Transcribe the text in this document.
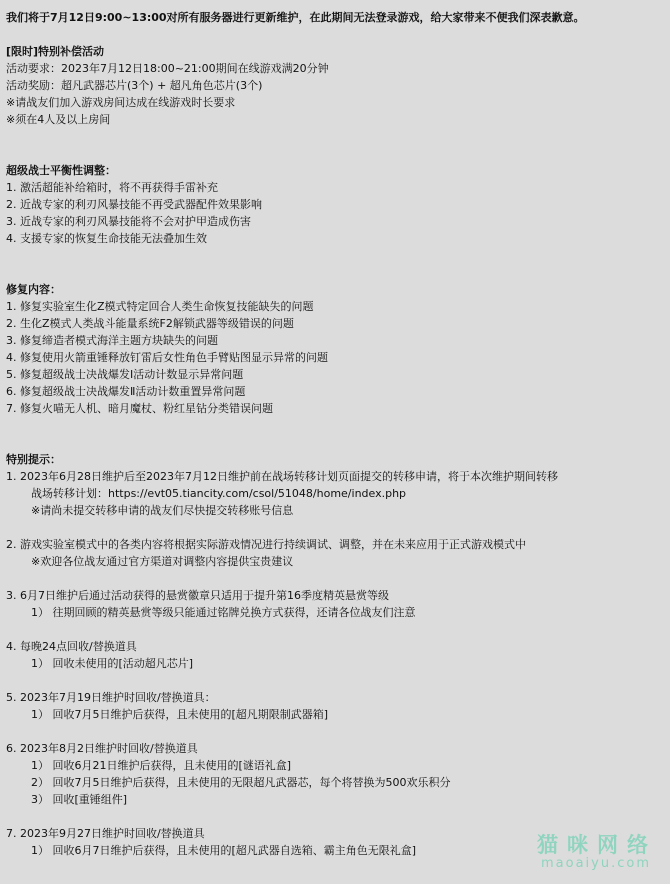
我们将于7月12日9:00~13:00对所有服务器进行更新维护，在此期间无法登录游戏，给大家带来不便我们深表歉意。
[限时]特别补偿活动
活动要求：2023年7月12日18:00~21:00期间在线游戏满20分钟
活动奖励：超凡武器芯片(3个) + 超凡角色芯片(3个)
※请战友们加入游戏房间达成在线游戏时长要求
※须在4人及以上房间
超级战士平衡性调整：
1. 激活超能补给箱时，将不再获得手雷补充
2. 近战专家的利刃风暴技能不再受武器配件效果影响
3. 近战专家的利刃风暴技能将不会对护甲造成伤害
4. 支援专家的恢复生命技能无法叠加生效
修复内容：
1. 修复实验室生化Z模式特定回合人类生命恢复技能缺失的问题
2. 生化Z模式人类战斗能量系统F2解锁武器等级错误的问题
3. 修复缔造者模式海洋主题方块缺失的问题
4. 修复使用火箭重锤释放钉雷后女性角色手臂贴图显示异常的问题
5. 修复超级战士决战爆发Ⅰ活动计数显示异常问题
6. 修复超级战士决战爆发Ⅱ活动计数重置异常问题
7. 修复火喵无人机、暗月魔杖、粉红星钻分类错误问题
特别提示：
1. 2023年6月28日维护后至2023年7月12日维护前在战场转移计划页面提交的转移申请，将于本次维护期间转移
战场转移计划：https://evt05.tiancity.com/csol/51048/home/index.php
※请尚未提交转移申请的战友们尽快提交转移账号信息
2. 游戏实验室模式中的各类内容将根据实际游戏情况进行持续调试、调整，并在未来应用于正式游戏模式中
※欢迎各位战友通过官方渠道对调整内容提供宝贵建议
3. 6月7日维护后通过活动获得的悬赏徽章只适用于提升第16季度精英悬赏等级
1） 往期回顾的精英悬赏等级只能通过铭牌兑换方式获得，还请各位战友们注意
4. 每晚24点回收/替换道具
1） 回收未使用的[活动超凡芯片]
5. 2023年7月19日维护时回收/替换道具：
1） 回收7月5日维护后获得，且未使用的[超凡期限制武器箱]
6. 2023年8月2日维护时回收/替换道具
1） 回收6月21日维护后获得，且未使用的[谜语礼盒]
2） 回收7月5日维护后获得，且未使用的无限超凡武器芯，每个将替换为500欢乐积分
3） 回收[重锤组件]
7. 2023年9月27日维护时回收/替换道具
1） 回收6月7日维护后获得，且未使用的[超凡武器自选箱、霸主角色无限礼盒]	猫咪网络
maoaiyu.com
